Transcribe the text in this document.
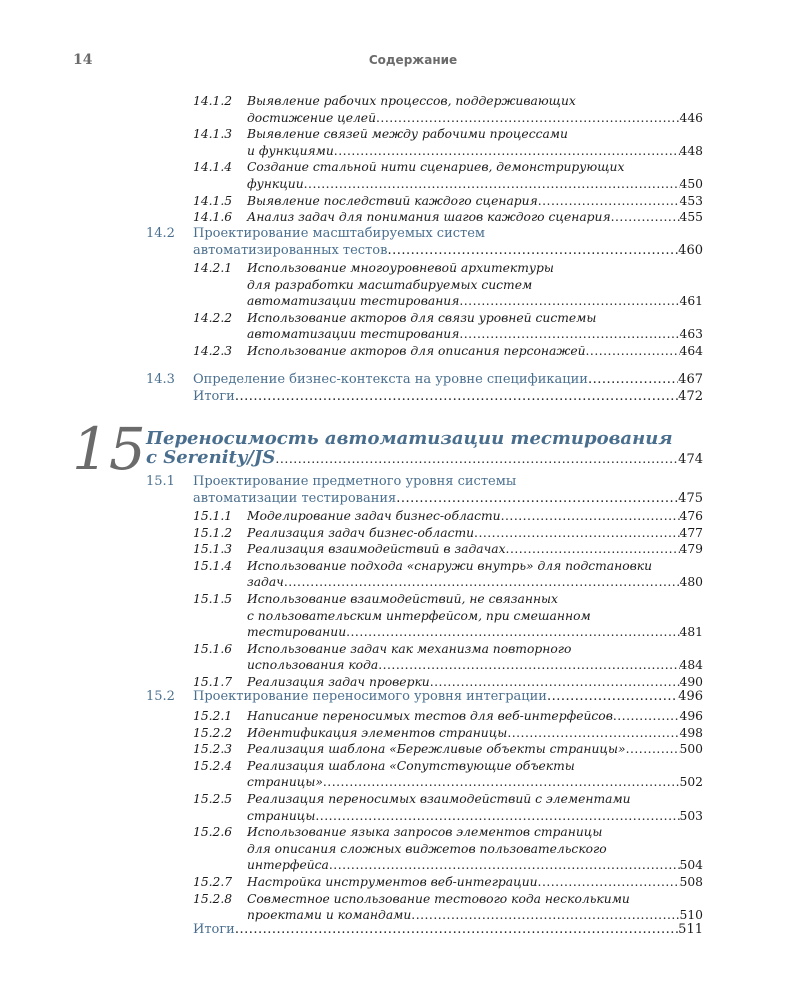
14	Содержание
15
14.1.2 Выявление рабочих процессов, поддерживающих
достижение целей .....	446
14.1.3 Выявление связей между рабочими процессами
и функциями .....	448
14.1.4 Создание стальной нити сценариев, демонстрирующих
функции .....	450
14.1.5 Выявление последствий каждого сценария .....	453
14.1.6 Анализ задач для понимания шагов каждого сценария .....	455
14.2 Проектирование масштабируемых систем
автоматизированных тестов .....	460
14.2.1 Использование многоуровневой архитектуры
для разработки масштабируемых систем
автоматизации тестирования .....	461
14.2.2 Использование акторов для связи уровней системы
автоматизации тестирования .....	463
14.2.3 Использование акторов для описания персонажей .....	464
14.3 Определение бизнес-контекста на уровне спецификации .....	467
Итоги .....	472
Переносимость автоматизации тестирования
с Serenity/JS .....	474
15.1 Проектирование предметного уровня системы
автоматизации тестирования .....	475
15.1.1 Моделирование задач бизнес-области .....	476
15.1.2 Реализация задач бизнес-области .....	477
15.1.3 Реализация взаимодействий в задачах .....	479
15.1.4 Использование подхода «снаружи внутрь» для подстановки
задач .....	480
15.1.5 Использование взаимодействий, не связанных
с пользовательским интерфейсом, при смешанном
тестировании .....	481
15.1.6 Использование задач как механизма повторного
использования кода .....	484
15.1.7 Реализация задач проверки .....	490
15.2 Проектирование переносимого уровня интеграции .....	496
15.2.1 Написание переносимых тестов для веб-интерфейсов .....	496
15.2.2 Идентификация элементов страницы .....	498
15.2.3 Реализация шаблона «Бережливые объекты страницы» .....	500
15.2.4 Реализация шаблона «Сопутствующие объекты
страницы» .....	502
15.2.5 Реализация переносимых взаимодействий с элементами
страницы .....	503
15.2.6 Использование языка запросов элементов страницы
для описания сложных виджетов пользовательского
интерфейса .....	504
15.2.7 Настройка инструментов веб-интеграции .....	508
15.2.8 Совместное использование тестового кода несколькими
проектами и командами .....	510
Итоги .....	511
